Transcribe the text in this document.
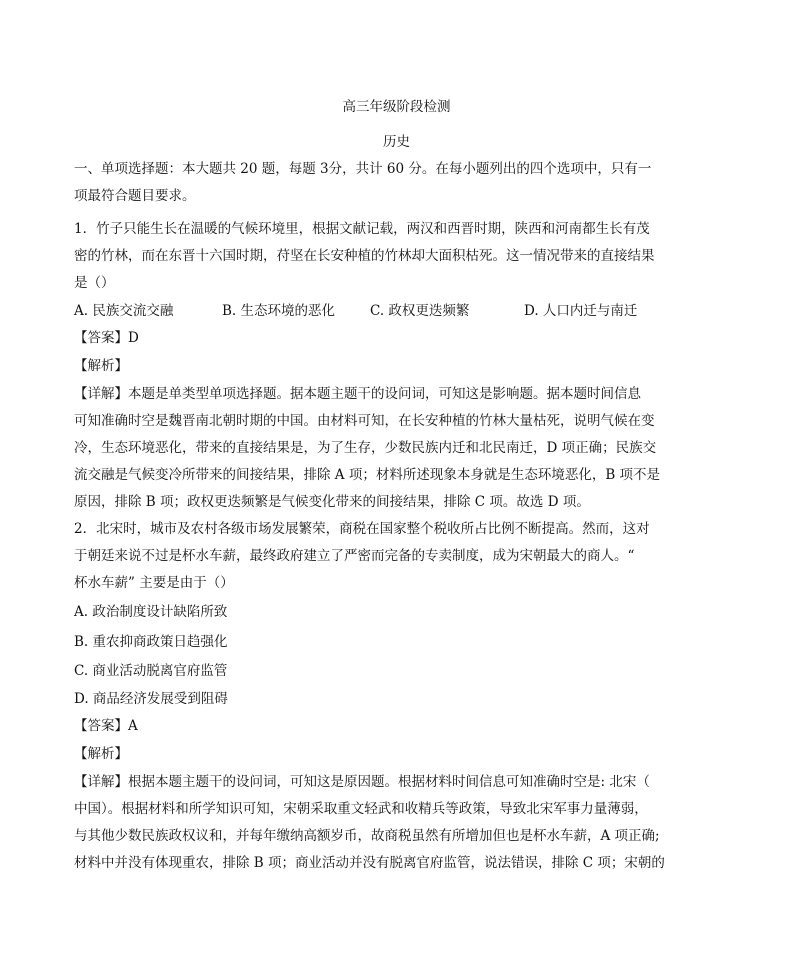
高三年级阶段检测
历史
一、单项选择题：本大题共 20 题，每题 3分，共计 60 分。在每小题列出的四个选项中，只有一
项最符合题目要求。
1．竹子只能生长在温暖的气候环境里，根据文献记载，两汉和西晋时期，陕西和河南都生长有茂
密的竹林，而在东晋十六国时期，苻坚在长安种植的竹林却大面积枯死。这一情况带来的直接结果
是（）
A. 民族交流交融	B. 生态环境的恶化	C. 政权更迭频繁	D. 人口内迁与南迁
【答案】D
【解析】
【详解】本题是单类型单项选择题。据本题主题干的设问词，可知这是影响题。据本题时间信息
可知准确时空是魏晋南北朝时期的中国。由材料可知，在长安种植的竹林大量枯死，说明气候在变
冷，生态环境恶化，带来的直接结果是，为了生存，少数民族内迁和北民南迁，D 项正确；民族交
流交融是气候变冷所带来的间接结果，排除 A 项；材料所述现象本身就是生态环境恶化，B 项不是
原因，排除 B 项；政权更迭频繁是气候变化带来的间接结果，排除 C 项。故选 D 项。
2．北宋时，城市及农村各级市场发展繁荣，商税在国家整个税收所占比例不断提高。然而，这对
于朝廷来说不过是杯水车薪，最终政府建立了严密而完备的专卖制度，成为宋朝最大的商人。“
杯水车薪” 主要是由于（）
A. 政治制度设计缺陷所致
B. 重农抑商政策日趋强化
C. 商业活动脱离官府监管
D. 商品经济发展受到阻碍
【答案】A
【解析】
【详解】根据本题主题干的设问词，可知这是原因题。根据材料时间信息可知准确时空是: 北宋（
中国）。根据材料和所学知识可知，宋朝采取重文轻武和收精兵等政策，导致北宋军事力量薄弱，
与其他少数民族政权议和，并每年缴纳高额岁币，故商税虽然有所增加但也是杯水车薪，A 项正确;
材料中并没有体现重农，排除 B 项；商业活动并没有脱离官府监管，说法错误，排除 C 项；宋朝的
